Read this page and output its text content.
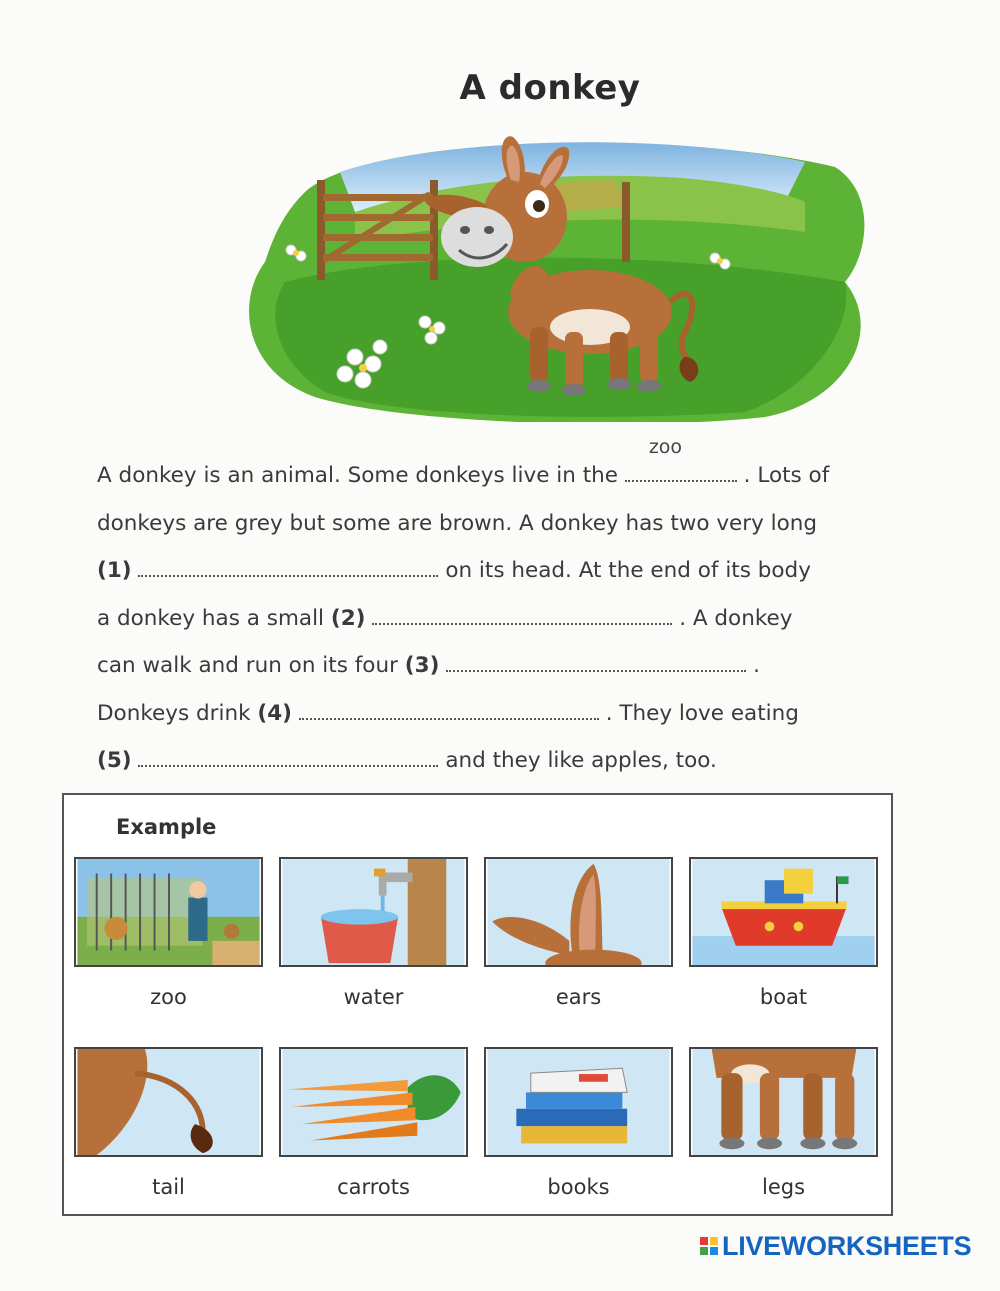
A donkey
A donkey is an animal. Some donkeys live in the
zoo
. Lots of
donkeys are grey but some are brown. A donkey has two very long
(1)	on its head. At the end of its body
a donkey has a small (2)	. A donkey
can walk and run on its four (3)	.
Donkeys drink (4)	. They love eating
(5)	and they like apples, too.
Example
zoo	water	ears	boat
tail	carrots	books	legs
LIVEWORKSHEETS
